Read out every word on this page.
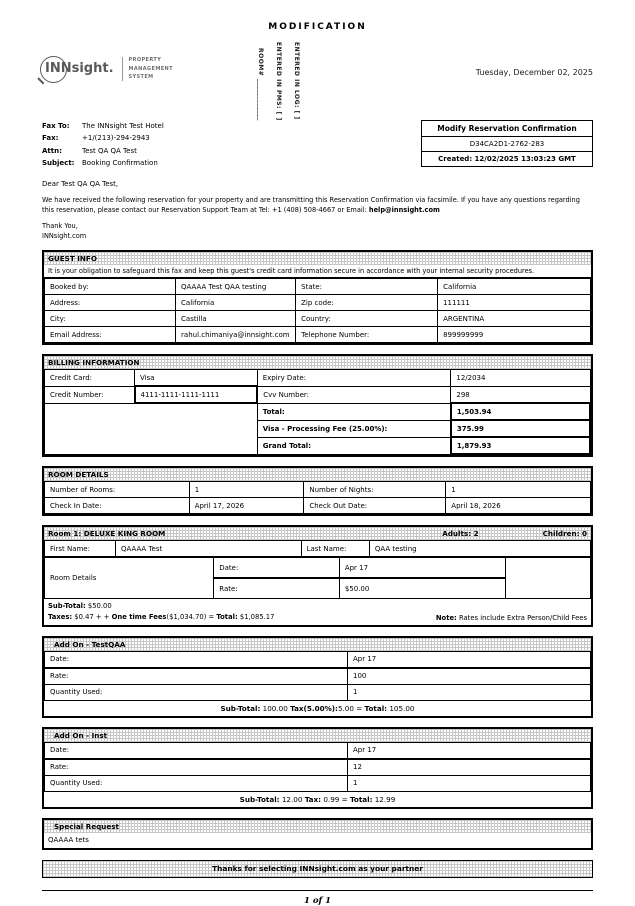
MODIFICATION
INNsight.
PROPERTY
MANAGEMENT
SYSTEM	ROOM# ____________ ENTERED IN PMS: [ ] ENTERED IN LOG: [ ]	Tuesday, December 02, 2025
Fax To:	The INNsight Test Hotel
Fax:	+1/(213)-294-2943
Attn:	Test QA QA Test
Subject:	Booking Confirmation
Modify Reservation Confirmation
D34CA2D1-2762-283
Created: 12/02/2025 13:03:23 GMT
Dear Test QA QA Test,
We have received the following reservation for your property and are transmitting this Reservation Confirmation via facsimile. If you have any questions regarding this reservation, please contact our Reservation Support Team at Tel: +1 (408) 508-4667 or Email: help@innsight.com
Thank You,
INNsight.com
GUEST INFO
It is your obligation to safeguard this fax and keep this guest's credit card information secure in accordance with your internal security procedures.
Booked by:	QAAAA Test QAA testing	State:	California
Address:	California	Zip code:	111111
City:	Castilla	Country:	ARGENTINA
Email Address:	rahul.chimaniya@innsight.com	Telephone Number:	899999999
BILLING INFORMATION
Credit Card:	Visa	Expiry Date:	12/2034
Credit Number:	4111-1111-1111-1111	Cvv Number:	298
		Total:	1,503.94
		Visa - Processing Fee (25.00%):	375.99
		Grand Total:	1,879.93
ROOM DETAILS
Number of Rooms:	1	Number of Nights:	1
Check In Date:	April 17, 2026	Check Out Date:	April 18, 2026
Room 1: DELUXE KING ROOM	Adults: 2	Children: 0
First Name:	QAAAA Test	Last Name:	QAA testing
Room Details	Date:	Apr 17	
	Rate:	$50.00	
Sub-Total: $50.00
Taxes: $0.47 + + One time Fees($1,034.70) = Total: $1,085.17	Note: Rates include Extra Person/Child Fees
Add On - TestQAA
Date:	Apr 17
Rate:	100
Quantity Used:	1
Sub-Total: 100.00 Tax(5.00%):5.00 = Total: 105.00
Add On - Inst
Date:	Apr 17
Rate:	12
Quantity Used:	1
Sub-Total: 12.00 Tax: 0.99 = Total: 12.99
Special Request
QAAAA tets
Thanks for selecting INNsight.com as your partner
1 of 1
